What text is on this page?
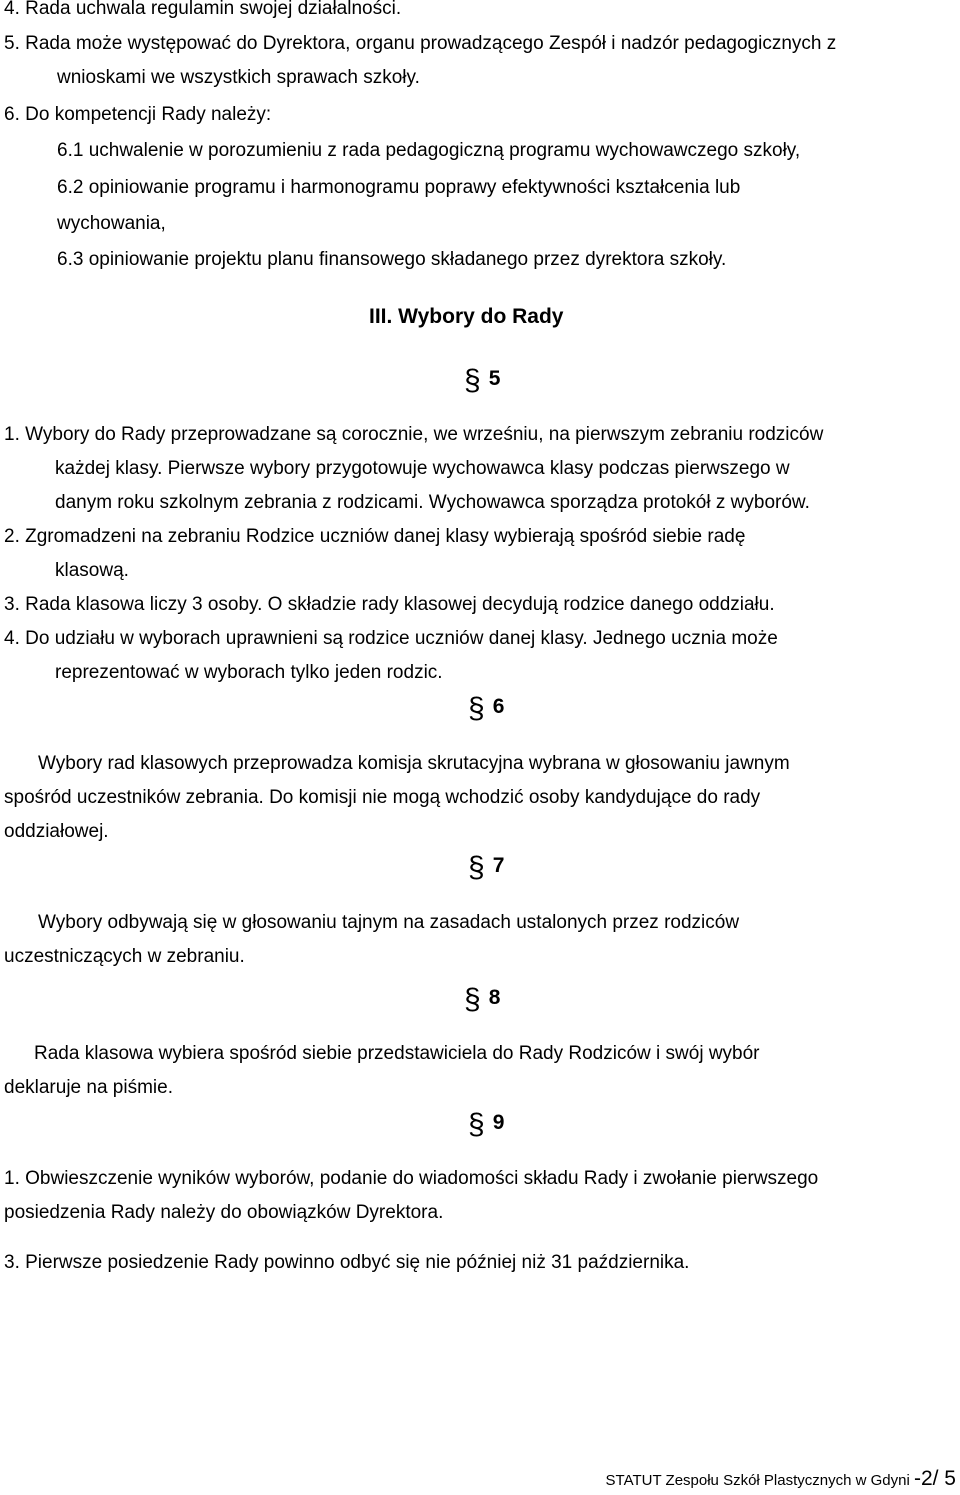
4. Rada uchwala regulamin swojej działalności.

5. Rada może występować do Dyrektora, organu prowadzącego Zespół i nadzór pedagogicznych z

wnioskami we wszystkich sprawach szkoły.

6. Do kompetencji Rady należy:

6.1 uchwalenie w porozumieniu z rada pedagogiczną programu wychowawczego szkoły,

6.2 opiniowanie programu i harmonogramu poprawy efektywności kształcenia lub

wychowania,

6.3 opiniowanie projektu planu finansowego składanego przez dyrektora szkoły.

III. Wybory do Rady
§ 5

1. Wybory do Rady przeprowadzane są corocznie, we wrześniu, na pierwszym zebraniu rodziców

każdej klasy. Pierwsze wybory przygotowuje wychowawca klasy podczas pierwszego w

danym roku szkolnym zebrania z rodzicami. Wychowawca sporządza protokół z wyborów.

2. Zgromadzeni na zebraniu Rodzice uczniów danej klasy wybierają spośród siebie radę

klasową.

3. Rada klasowa liczy 3 osoby. O składzie rady klasowej decydują rodzice danego oddziału.

4. Do udziału w wyborach uprawnieni są rodzice uczniów danej klasy. Jednego ucznia może

reprezentować w wyborach tylko jeden rodzic.

§ 6

Wybory rad klasowych przeprowadza komisja skrutacyjna wybrana w głosowaniu jawnym

spośród uczestników zebrania. Do komisji nie mogą wchodzić osoby kandydujące do rady

oddziałowej.

§ 7

Wybory odbywają się w głosowaniu tajnym na zasadach ustalonych przez rodziców

uczestniczących w zebraniu.

§ 8

Rada klasowa wybiera spośród siebie przedstawiciela do Rady Rodziców i swój wybór

deklaruje na piśmie.

§ 9

1. Obwieszczenie wyników wyborów, podanie do wiadomości składu Rady i zwołanie pierwszego

posiedzenia Rady należy do obowiązków Dyrektora.

3. Pierwsze posiedzenie Rady powinno odbyć się nie później niż 31 października.

STATUT Zespołu Szkół Plastycznych w Gdyni -2/ 5
